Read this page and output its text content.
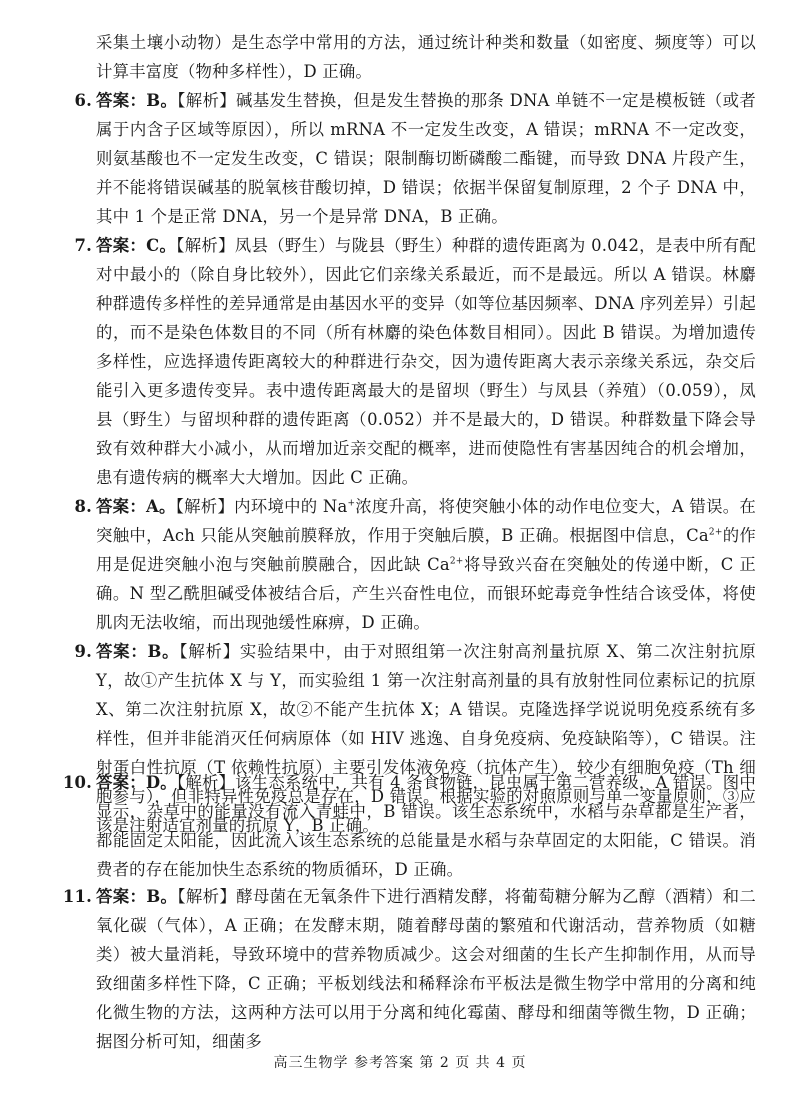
采集土壤小动物）是生态学中常用的方法，通过统计种类和数量（如密度、频度等）可以计算丰富度（物种多样性），D 正确。
6. 答案：B。【解析】碱基发生替换，但是发生替换的那条 DNA 单链不一定是模板链（或者属于内含子区域等原因），所以 mRNA 不一定发生改变，A 错误；mRNA 不一定改变，则氨基酸也不一定发生改变，C 错误；限制酶切断磷酸二酯键，而导致 DNA 片段产生，并不能将错误碱基的脱氧核苷酸切掉，D 错误；依据半保留复制原理，2 个子 DNA 中，其中 1 个是正常 DNA，另一个是异常 DNA，B 正确。
7. 答案：C。【解析】凤县（野生）与陇县（野生）种群的遗传距离为 0.042，是表中所有配对中最小的（除自身比较外），因此它们亲缘关系最近，而不是最远。所以 A 错误。林麝种群遗传多样性的差异通常是由基因水平的变异（如等位基因频率、DNA 序列差异）引起的，而不是染色体数目的不同（所有林麝的染色体数目相同）。因此 B 错误。为增加遗传多样性，应选择遗传距离较大的种群进行杂交，因为遗传距离大表示亲缘关系远，杂交后能引入更多遗传变异。表中遗传距离最大的是留坝（野生）与凤县（养殖）（0.059），凤县（野生）与留坝种群的遗传距离（0.052）并不是最大的，D 错误。种群数量下降会导致有效种群大小减小，从而增加近亲交配的概率，进而使隐性有害基因纯合的机会增加，患有遗传病的概率大大增加。因此 C 正确。
8. 答案：A。【解析】内环境中的 Na+浓度升高，将使突触小体的动作电位变大，A 错误。在突触中，Ach 只能从突触前膜释放，作用于突触后膜，B 正确。根据图中信息，$Ca^{2+}$的作用是促进突触小泡与突触前膜融合，因此缺 $Ca^{2+}$将导致兴奋在突触处的传递中断，C 正确。N 型乙酰胆碱受体被结合后，产生兴奋性电位，而银环蛇毒竞争性结合该受体，将使肌肉无法收缩，而出现弛缓性麻痹，D 正确。
9. 答案：B。【解析】实验结果中，由于对照组第一次注射高剂量抗原 X、第二次注射抗原 Y，故①产生抗体 X 与 Y，而实验组 1 第一次注射高剂量的具有放射性同位素标记的抗原 X、第二次注射抗原 X，故②不能产生抗体 X；A 错误。克隆选择学说说明免疫系统有多样性，但并非能消灭任何病原体（如 HIV 逃逸、自身免疫病、免疫缺陷等），C 错误。注射蛋白性抗原（T 依赖性抗原）主要引发体液免疫（抗体产生），较少有细胞免疫（Th 细胞参与），但非特异性免疫总是存在，D 错误。根据实验的对照原则与单一变量原则，③应该是注射适宜剂量的抗原 Y，B 正确。
10. 答案：D。【解析】该生态系统中，共有 4 条食物链，昆虫属于第二营养级，A 错误。图中显示，杂草中的能量没有流入青蛙中，B 错误。该生态系统中，水稻与杂草都是生产者，都能固定太阳能，因此流入该生态系统的总能量是水稻与杂草固定的太阳能，C 错误。消费者的存在能加快生态系统的物质循环，D 正确。
11. 答案：B。【解析】酵母菌在无氧条件下进行酒精发酵，将葡萄糖分解为乙醇（酒精）和二氧化碳（气体），A 正确；在发酵末期，随着酵母菌的繁殖和代谢活动，营养物质（如糖类）被大量消耗，导致环境中的营养物质减少。这会对细菌的生长产生抑制作用，从而导致细菌多样性下降，C 正确；平板划线法和稀释涂布平板法是微生物学中常用的分离和纯化微生物的方法，这两种方法可以用于分离和纯化霉菌、酵母和细菌等微生物，D 正确；据图分析可知，细菌多
高三生物学 参考答案 第 2 页 共 4 页
